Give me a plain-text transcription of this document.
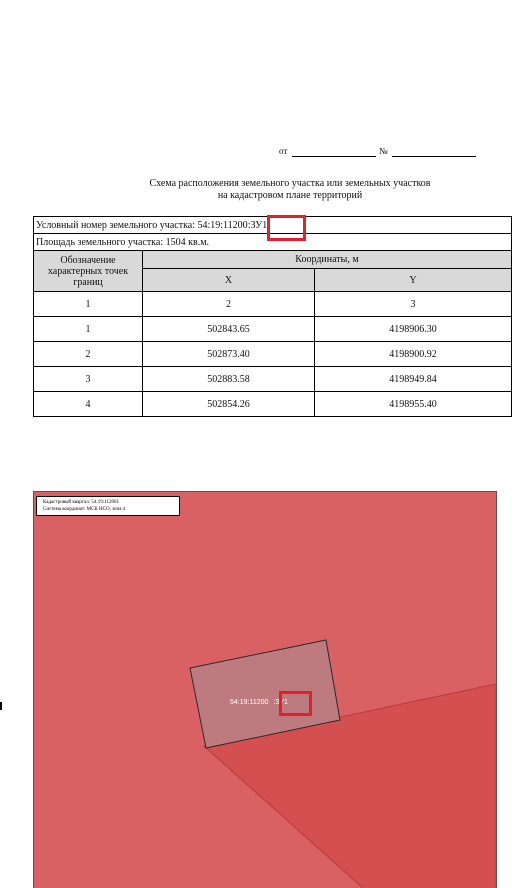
от	№
Схема расположения земельного участка или земельных участков
на кадастровом плане территорий
Условный номер земельного участка: 54:19:11200:ЗУ1		
Площадь земельного участка: 1504 кв.м.		
Обозначение характерных точек границ	Координаты, м	
	X	Y
1	2	3
1	502843.65	4198906.30
2	502873.40	4198900.92
3	502883.58	4198949.84
4	502854.26	4198955.40
Кадастровый квартал: 54:19:112001
Система координат: МСК НСО, зона 4
54:19:11200 :ЗУ1
